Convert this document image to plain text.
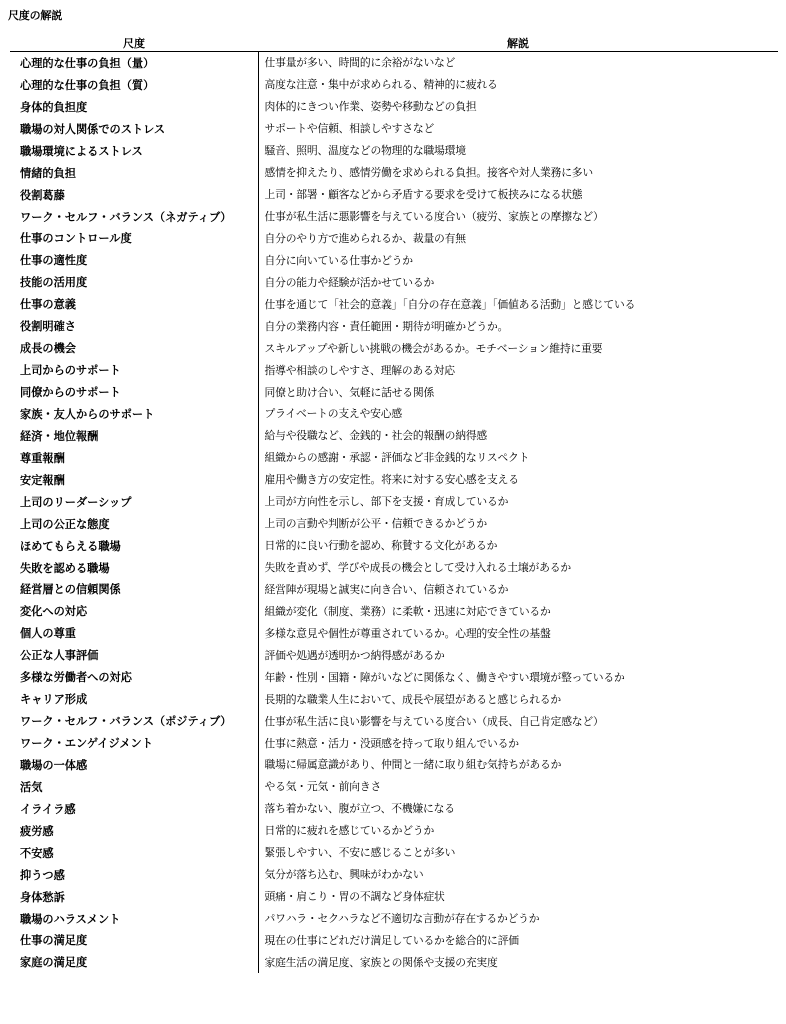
尺度の解説
尺度	解説
心理的な仕事の負担（量）	仕事量が多い、時間的に余裕がないなど
心理的な仕事の負担（質）	高度な注意・集中が求められる、精神的に疲れる
身体的負担度	肉体的にきつい作業、姿勢や移動などの負担
職場の対人関係でのストレス	サポートや信頼、相談しやすさなど
職場環境によるストレス	騒音、照明、温度などの物理的な職場環境
情緒的負担	感情を抑えたり、感情労働を求められる負担。接客や対人業務に多い
役割葛藤	上司・部署・顧客などから矛盾する要求を受けて板挟みになる状態
ワーク・セルフ・バランス（ネガティブ）	仕事が私生活に悪影響を与えている度合い（疲労、家族との摩擦など）
仕事のコントロール度	自分のやり方で進められるか、裁量の有無
仕事の適性度	自分に向いている仕事かどうか
技能の活用度	自分の能力や経験が活かせているか
仕事の意義	仕事を通じて「社会的意義」「自分の存在意義」「価値ある活動」と感じている
役割明確さ	自分の業務内容・責任範囲・期待が明確かどうか。
成長の機会	スキルアップや新しい挑戦の機会があるか。モチベーション維持に重要
上司からのサポート	指導や相談のしやすさ、理解のある対応
同僚からのサポート	同僚と助け合い、気軽に話せる関係
家族・友人からのサポート	プライベートの支えや安心感
経済・地位報酬	給与や役職など、金銭的・社会的報酬の納得感
尊重報酬	組織からの感謝・承認・評価など非金銭的なリスペクト
安定報酬	雇用や働き方の安定性。将来に対する安心感を支える
上司のリーダーシップ	上司が方向性を示し、部下を支援・育成しているか
上司の公正な態度	上司の言動や判断が公平・信頼できるかどうか
ほめてもらえる職場	日常的に良い行動を認め、称賛する文化があるか
失敗を認める職場	失敗を責めず、学びや成長の機会として受け入れる土壌があるか
経営層との信頼関係	経営陣が現場と誠実に向き合い、信頼されているか
変化への対応	組織が変化（制度、業務）に柔軟・迅速に対応できているか
個人の尊重	多様な意見や個性が尊重されているか。心理的安全性の基盤
公正な人事評価	評価や処遇が透明かつ納得感があるか
多様な労働者への対応	年齢・性別・国籍・障がいなどに関係なく、働きやすい環境が整っているか
キャリア形成	長期的な職業人生において、成長や展望があると感じられるか
ワーク・セルフ・バランス（ポジティブ）	仕事が私生活に良い影響を与えている度合い（成長、自己肯定感など）
ワーク・エンゲイジメント	仕事に熱意・活力・没頭感を持って取り組んでいるか
職場の一体感	職場に帰属意識があり、仲間と一緒に取り組む気持ちがあるか
活気	やる気・元気・前向きさ
イライラ感	落ち着かない、腹が立つ、不機嫌になる
疲労感	日常的に疲れを感じているかどうか
不安感	緊張しやすい、不安に感じることが多い
抑うつ感	気分が落ち込む、興味がわかない
身体愁訴	頭痛・肩こり・胃の不調など身体症状
職場のハラスメント	パワハラ・セクハラなど不適切な言動が存在するかどうか
仕事の満足度	現在の仕事にどれだけ満足しているかを総合的に評価
家庭の満足度	家庭生活の満足度、家族との関係や支援の充実度
